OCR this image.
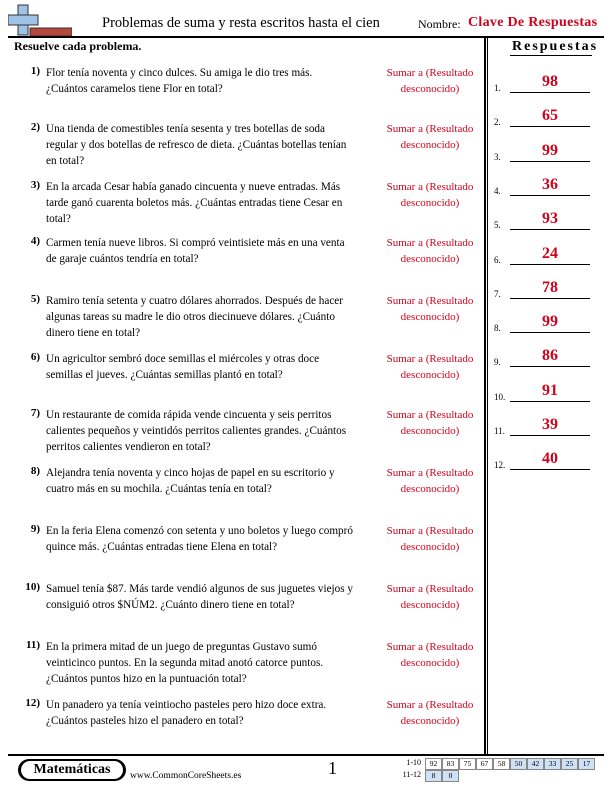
Problemas de suma y resta escritos hasta el cien	Nombre: Clave De Respuestas
Resuelve cada problema.	Respuestas
1) Flor tenía noventa y cinco dulces. Su amiga le dio tres más.
¿Cuántos caramelos tiene Flor en total?
Sumar a (Resultado
desconocido)
2) Una tienda de comestibles tenía sesenta y tres botellas de soda
regular y dos botellas de refresco de dieta. ¿Cuántas botellas tenían
en total?
Sumar a (Resultado
desconocido)
3) En la arcada Cesar había ganado cincuenta y nueve entradas. Más
tarde ganó cuarenta boletos más. ¿Cuántas entradas tiene Cesar en
total?
Sumar a (Resultado
desconocido)
4) Carmen tenía nueve libros. Si compró veintisiete más en una venta
de garaje cuántos tendría en total?
Sumar a (Resultado
desconocido)
5) Ramiro tenía setenta y cuatro dólares ahorrados. Después de hacer
algunas tareas su madre le dio otros diecinueve dólares. ¿Cuánto
dinero tiene en total?
Sumar a (Resultado
desconocido)
6) Un agricultor sembró doce semillas el miércoles y otras doce
semillas el jueves. ¿Cuántas semillas plantó en total?
Sumar a (Resultado
desconocido)
7) Un restaurante de comida rápida vende cincuenta y seis perritos
calientes pequeños y veintidós perritos calientes grandes. ¿Cuántos
perritos calientes vendieron en total?
Sumar a (Resultado
desconocido)
8) Alejandra tenía noventa y cinco hojas de papel en su escritorio y
cuatro más en su mochila. ¿Cuántas tenía en total?
Sumar a (Resultado
desconocido)
9) En la feria Elena comenzó con setenta y uno boletos y luego compró
quince más. ¿Cuántas entradas tiene Elena en total?
Sumar a (Resultado
desconocido)
10) Samuel tenía $87. Más tarde vendió algunos de sus juguetes viejos y
consiguió otros $NÚM2. ¿Cuánto dinero tiene en total?
Sumar a (Resultado
desconocido)
11) En la primera mitad de un juego de preguntas Gustavo sumó
veinticinco puntos. En la segunda mitad anotó catorce puntos.
¿Cuántos puntos hizo en la puntuación total?
Sumar a (Resultado
desconocido)
12) Un panadero ya tenía veintiocho pasteles pero hizo doce extra.
¿Cuántos pasteles hizo el panadero en total?
Sumar a (Resultado
desconocido)
1.	98
2.	65
3.	99
4.	36
5.	93
6.	24
7.	78
8.	99
9.	86
10.	91
11.	39
12.	40
Matemáticas	www.CommonCoreSheets.es	1	1-10	92	83	75	67	58	50	42	33	25	17
11-12	8	0
